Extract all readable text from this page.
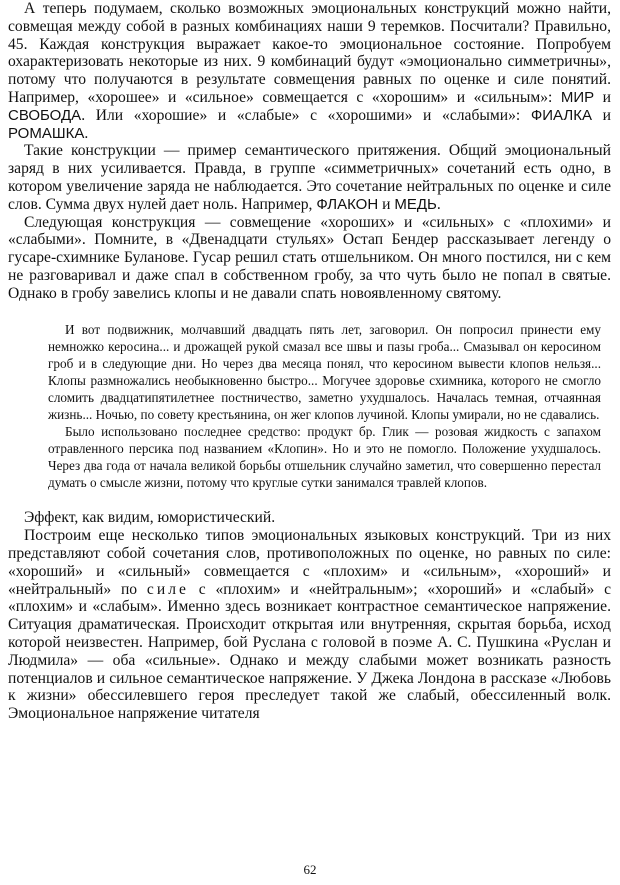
А теперь подумаем, сколько возможных эмоциональных конструкций можно найти, совмещая между собой в разных комбинациях наши 9 теремков. Посчитали? Правильно, 45. Каждая конструкция выражает какое-то эмоциональное состояние. Попробуем охарактеризовать некоторые из них. 9 комбинаций будут «эмоционально симметричны», потому что получаются в результате совмещения равных по оценке и силе понятий. Например, «хорошее» и «сильное» совмещается с «хорошим» и «сильным»: МИР и СВОБОДА. Или «хорошие» и «слабые» с «хорошими» и «слабыми»: ФИАЛКА и РОМАШКА.

Такие конструкции — пример семантического притяжения. Общий эмоциональный заряд в них усиливается. Правда, в группе «симметричных» сочетаний есть одно, в котором увеличение заряда не наблюдается. Это сочетание нейтральных по оценке и силе слов. Сумма двух нулей дает ноль. Например, ФЛАКОН и МЕДЬ.

Следующая конструкция — совмещение «хороших» и «сильных» с «плохими» и «слабыми». Помните, в «Двенадцати стульях» Остап Бендер рассказывает легенду о гусаре-схимнике Буланове. Гусар решил стать отшельником. Он много постился, ни с кем не разговаривал и даже спал в собственном гробу, за что чуть было не попал в святые. Однако в гробу завелись клопы и не давали спать новоявленному святому.

И вот подвижник, молчавший двадцать пять лет, заговорил. Он попросил принести ему немножко керосина... и дрожащей рукой смазал все швы и пазы гроба... Смазывал он керосином гроб и в следующие дни. Но через два месяца понял, что керосином вывести клопов нельзя... Клопы размножались необыкновенно быстро... Могучее здоровье схимника, которого не смогло сломить двадцатипятилетнее постничество, заметно ухудшалось. Началась темная, отчаянная жизнь... Ночью, по совету крестьянина, он жег клопов лучиной. Клопы умирали, но не сдавались.

Было использовано последнее средство: продукт бр. Глик — розовая жидкость с запахом отравленного персика под названием «Клопин». Но и это не помогло. Положение ухудшалось. Через два года от начала великой борьбы отшельник случайно заметил, что совершенно перестал думать о смысле жизни, потому что круглые сутки занимался травлей клопов.

Эффект, как видим, юмористический.

Построим еще несколько типов эмоциональных языковых конструкций. Три из них представляют собой сочетания слов, противоположных по оценке, но равных по силе: «хороший» и «сильный» совмещается с «плохим» и «сильным», «хороший» и «нейтральный» по силе с «плохим» и «нейтральным»; «хороший» и «слабый» с «плохим» и «слабым». Именно здесь возникает контрастное семантическое напряжение. Ситуация драматическая. Происходит открытая или внутренняя, скрытая борьба, исход которой неизвестен. Например, бой Руслана с головой в поэме А. С. Пушкина «Руслан и Людмила» — оба «сильные». Однако и между слабыми может возникать разность потенциалов и сильное семантическое напряжение. У Джека Лондона в рассказе «Любовь к жизни» обессилевшего героя преследует такой же слабый, обессиленный волк. Эмоциональное напряжение читателя

62
